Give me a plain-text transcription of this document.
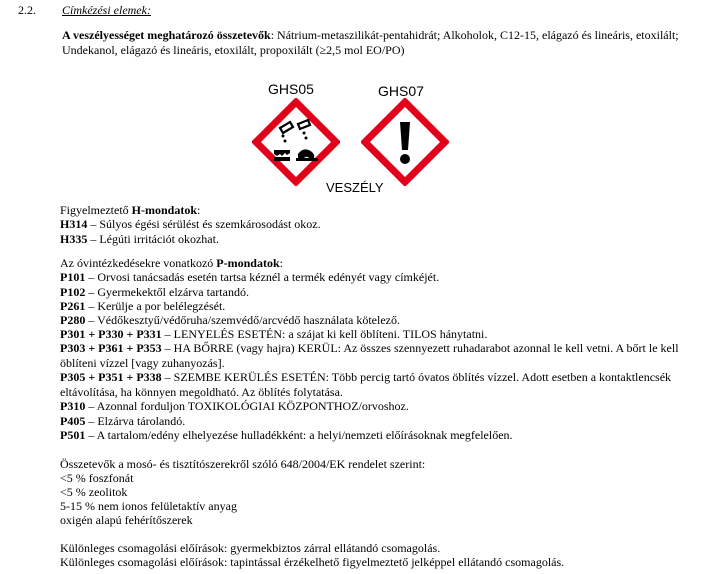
2.2. Címkézési elemek:
A veszélyességet meghatározó összetevők: Nátrium-metaszilikát-pentahidrát; Alkoholok, C12-15, elágazó és lineáris, etoxilált; Undekanol, elágazó és lineáris, etoxilált, propoxilált (≥2,5 mol EO/PO)
GHS05	GHS07
VESZÉLY
Figyelmeztető H-mondatok:
H314 – Súlyos égési sérülést és szemkárosodást okoz.
H335 – Légúti irritációt okozhat.
Az óvintézkedésekre vonatkozó P-mondatok:
P101 – Orvosi tanácsadás esetén tartsa kéznél a termék edényét vagy címkéjét.
P102 – Gyermekektől elzárva tartandó.
P261 – Kerülje a por belélegzését.
P280 – Védőkesztyű/védőruha/szemvédő/arcvédő használata kötelező.
P301 + P330 + P331 – LENYELÉS ESETÉN: a szájat ki kell öblíteni. TILOS hánytatni.
P303 + P361 + P353 – HA BŐRRE (vagy hajra) KERÜL: Az összes szennyezett ruhadarabot azonnal le kell vetni. A bőrt le kell öblíteni vízzel [vagy zuhanyozás].
P305 + P351 + P338 – SZEMBE KERÜLÉS ESETÉN: Több percig tartó óvatos öblítés vízzel. Adott esetben a kontaktlencsék eltávolítása, ha könnyen megoldható. Az öblítés folytatása.
P310 – Azonnal forduljon TOXIKOLÓGIAI KÖZPONTHOZ/orvoshoz.
P405 – Elzárva tárolandó.
P501 – A tartalom/edény elhelyezése hulladékként: a helyi/nemzeti előírásoknak megfelelően.
Összetevők a mosó- és tisztítószerekről szóló 648/2004/EK rendelet szerint:
<5 % foszfonát
<5 % zeolitok
5-15 % nem ionos felületaktív anyag
oxigén alapú fehérítőszerek
Különleges csomagolási előírások: gyermekbiztos zárral ellátandó csomagolás.
Különleges csomagolási előírások: tapintással érzékelhető figyelmeztető jelképpel ellátandó csomagolás.
